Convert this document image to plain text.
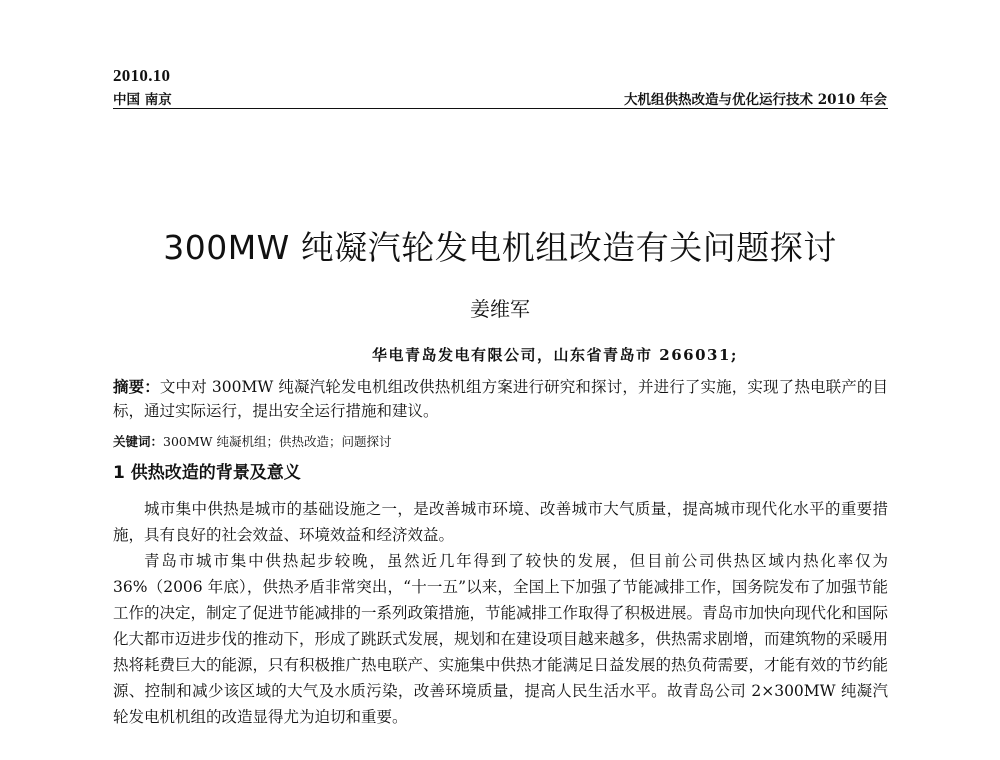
2010.10
中国 南京	大机组供热改造与优化运行技术 2010 年会
300MW 纯凝汽轮发电机组改造有关问题探讨
姜维军
华电青岛发电有限公司，山东省青岛市 266031;
摘要：文中对 300MW 纯凝汽轮发电机组改供热机组方案进行研究和探讨，并进行了实施，实现了热电联产的目标，通过实际运行，提出安全运行措施和建议。
关键词：300MW 纯凝机组；供热改造；问题探讨
1 供热改造的背景及意义

城市集中供热是城市的基础设施之一，是改善城市环境、改善城市大气质量，提高城市现代化水平的重要措施，具有良好的社会效益、环境效益和经济效益。

青岛市城市集中供热起步较晚，虽然近几年得到了较快的发展，但目前公司供热区域内热化率仅为 36%（2006 年底），供热矛盾非常突出，“十一五”以来，全国上下加强了节能减排工作，国务院发布了加强节能工作的决定，制定了促进节能减排的一系列政策措施，节能减排工作取得了积极进展。青岛市加快向现代化和国际化大都市迈进步伐的推动下，形成了跳跃式发展，规划和在建设项目越来越多，供热需求剧增，而建筑物的采暖用热将耗费巨大的能源，只有积极推广热电联产、实施集中供热才能满足日益发展的热负荷需要，才能有效的节约能源、控制和减少该区域的大气及水质污染，改善环境质量，提高人民生活水平。故青岛公司 2×300MW 纯凝汽轮发电机机组的改造显得尤为迫切和重要。
